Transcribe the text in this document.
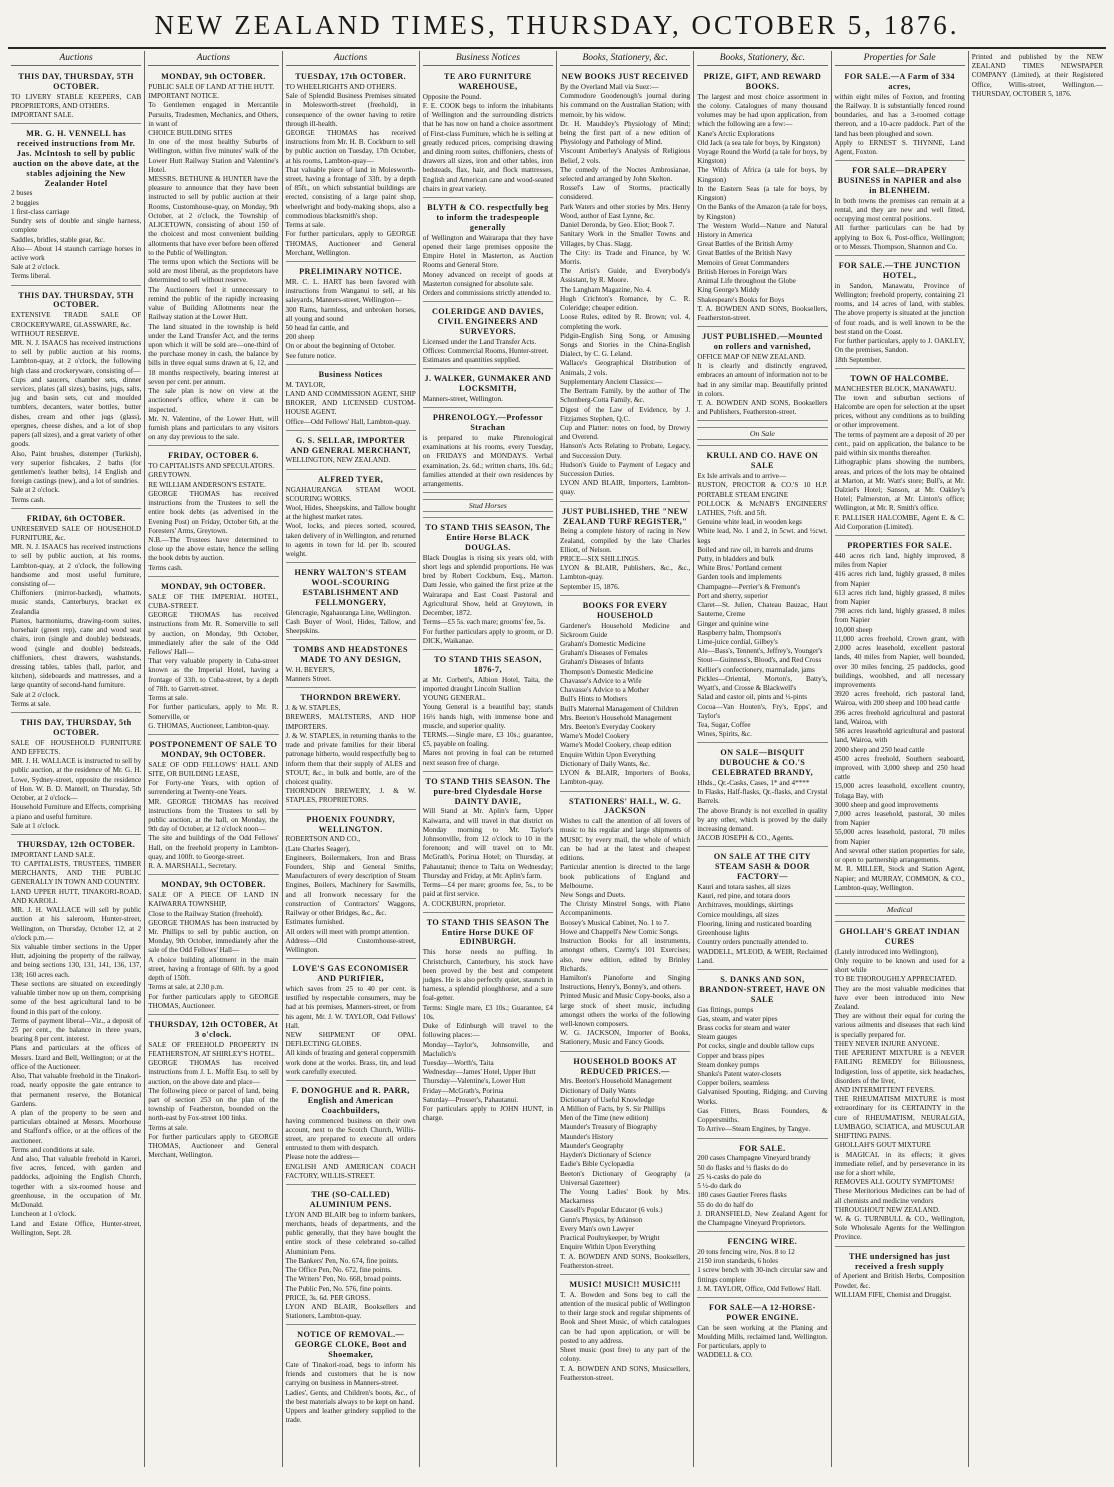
NEW ZEALAND TIMES, THURSDAY, OCTOBER 5, 1876.
Auctions
THIS DAY, THURSDAY, 5TH OCTOBER.

TO LIVERY STABLE KEEPERS, CAB PROPRIETORS, AND OTHERS.

IMPORTANT SALE.

MR. G. H. VENNELL has received instructions from Mr. Jas. McIntosh to sell by public auction on the above date, at the stables adjoining the New Zealander Hotel

2 buses

2 buggies

1 first-class carriage

Sundry sets of double and single harness, complete

Saddles, bridles, stable gear, &c.

Also— About 14 staunch carriage horses in active work

Sale at 2 o'clock.

Terms liberal.

THIS DAY. THURSDAY, 5TH OCTOBER.

EXTENSIVE TRADE SALE OF CROCKERYWARE, GLASSWARE, &c.

WITHOUT RESERVE.

MR. N. J. ISAACS has received instructions to sell by public auction at his rooms, Lambton-quay, at 2 o'clock, the following high class and crockeryware, consisting of—

Cups and saucers, chamber sets, dinner services, plates (all sizes), basins, jugs, salts, jug and basin sets, cut and moulded tumblers, decanters, water bottles, butter dishes, cream and other jugs (glass), epergnes, cheese dishes, and a lot of shop papers (all sizes), and a great variety of other goods.

Also, Paint brushes, distemper (Turkish), very superior fishcakes, 2 baths (for gentlemen's leather belts), 14 English and foreign castings (new), and a lot of sundries.

Sale at 2 o'clock.

Terms cash.

FRIDAY, 6th OCTOBER.

UNRESERVED SALE OF HOUSEHOLD FURNITURE, &c.

MR. N. J. ISAACS has received instructions to sell by public auction, at his rooms, Lambton-quay, at 2 o'clock, the following handsome and most useful furniture, consisting of—

Chiffoniers (mirror-backed), whatnots, music stands, Canterburys, bracket ex Zealandia

Pianos, harmoniums, drawing-room suites, horsehair (green rep), cane and wood seat chairs, iron (single and double) bedsteads, wood (single and double) bedsteads, chiffoniers, chest drawers, washstands, dressing tables, tables (hall, parlor, and kitchen), sideboards and mattresses, and a large quantity of second-hand furniture.

Sale at 2 o'clock.

Terms at sale.

THIS DAY, THURSDAY, 5th OCTOBER.

SALE OF HOUSEHOLD FURNITURE AND EFFECTS.

MR. J. H. WALLACE is instructed to sell by public auction, at the residence of Mr. G. H. Lowe, Sydney-street, opposite the residence of Hon. W. B. D. Mantell, on Thursday, 5th October, at 2 o'clock—

Household Furniture and Effects, comprising a piano and useful furniture.

Sale at 1 o'clock.

THURSDAY, 12th OCTOBER.

IMPORTANT LAND SALE.

TO CAPITALISTS, TRUSTEES, TIMBER MERCHANTS, AND THE PUBLIC GENERALLY IN TOWN AND COUNTRY.

LAND UPPER HUTT, TINAKORI-ROAD, AND KAROLI.

MR. J. H. WALLACE will sell by public auction at his saleroom, Hunter-street, Wellington, on Thursday, October 12, at 2 o'clock p.m.—

Six valuable timber sections in the Upper Hutt, adjoining the property of the railway, and being sections 130, 131, 141, 136, 137, 138; 160 acres each.

These sections are situated on exceedingly valuable timber now up on them, comprising some of the best agricultural land to be found in this part of the colony.

Terms of payment liberal—Viz., a deposit of 25 per cent., the balance in three years, bearing 8 per cent. interest.

Plans and particulars at the offices of Messrs. Izard and Bell, Wellington; or at the office of the Auctioneer.

Also, That valuable freehold in the Tinakori-road, nearly opposite the gate entrance to that permanent reserve, the Botanical Gardens.

A plan of the property to be seen and particulars obtained at Messrs. Moorhouse and Stafford's office, or at the offices of the auctioneer.

Terms and conditions at sale.

And also, That valuable freehold in Karori, five acres, fenced, with garden and paddocks, adjoining the English Church, together with a six-roomed house and greenhouse, in the occupation of Mr. McDonald.

Luncheon at 1 o'clock.

Land and Estate Office, Hunter-street, Wellington, Sept. 28.

Auctions
MONDAY, 9th OCTOBER.

PUBLIC SALE OF LAND AT THE HUTT.

IMPORTANT NOTICE.

To Gentlemen engaged in Mercantile Pursuits, Tradesmen, Mechanics, and Others, in want of

CHOICE BUILDING SITES

In one of the most healthy Suburbs of Wellington, within five minutes' walk of the Lower Hutt Railway Station and Valentine's Hotel.

MESSRS. BETHUNE & HUNTER have the pleasure to announce that they have been instructed to sell by public auction at their Rooms, Customhouse-quay, on Monday, 9th October, at 2 o'clock, the Township of ALICETOWN, consisting of about 150 of the choicest and most convenient building allotments that have ever before been offered to the Public of Wellington.

The terms upon which the Sections will be sold are most liberal, as the proprietors have determined to sell without reserve.

The Auctioneers feel it unnecessary to remind the public of the rapidly increasing value of Building Allotments near the Railway station at the Lower Hutt.

The land situated in the township is held under the Land Transfer Act, and the terms upon which it will be sold are—one-third of the purchase money in cash, the balance by bills in three equal sums drawn at 6, 12, and 18 months respectively, bearing interest at seven per cent. per annum.

The sale plan is now on view at the auctioneer's office, where it can be inspected.

Mr. N. Valentine, of the Lower Hutt, will furnish plans and particulars to any visitors on any day previous to the sale.

FRIDAY, OCTOBER 6.

TO CAPITALISTS AND SPECULATORS.

GREYTOWN.

RE WILLIAM ANDERSON'S ESTATE.

GEORGE THOMAS has received instructions from the Trustees to sell the entire book debts (as advertised in the Evening Post) on Friday, October 6th, at the Foresters' Arms, Greytown.

N.B.—The Trustees have determined to close up the above estate, hence the selling the book debts by auction.

Terms cash.

MONDAY, 9th OCTOBER.

SALE OF THE IMPERIAL HOTEL, CUBA-STREET.

GEORGE THOMAS has received instructions from Mr. R. Somerville to sell by auction, on Monday, 9th October, immediately after the sale of the Odd Fellows' Hall—

That very valuable property in Cuba-street known as the Imperial Hotel, having a frontage of 33ft. to Cuba-street, by a depth of 78ft. to Garrett-street.

Terms at sale.

For further particulars, apply to Mr. R. Somerville, or

G. THOMAS, Auctioneer, Lambton-quay.

POSTPONEMENT OF SALE TO MONDAY, 9th OCTOBER.

SALE OF ODD FELLOWS' HALL AND SITE, OR BUILDING LEASE,

For Forty-one Years, with option of surrendering at Twenty-one Years.

MR. GEORGE THOMAS has received instructions from the Trustees to sell by public auction, at the hall, on Monday, the 9th day of October, at 12 o'clock noon—

The site and buildings of the Odd Fellows' Hall, on the freehold property in Lambton-quay, and 100ft. to George-street.

R. A. MARSHALL, Secretary.

MONDAY, 9th OCTOBER.

SALE OF A PIECE OF LAND IN KAIWARRA TOWNSHIP,

Close to the Railway Station (freehold).

GEORGE THOMAS has been instructed by Mr. Phillips to sell by public auction, on Monday, 9th October, immediately after the sale of the Odd Fellows' Hall—

A choice building allotment in the main street, having a frontage of 60ft. by a good depth of 150ft.

Terms at sale, at 2.30 p.m.

For further particulars apply to GEORGE THOMAS, Auctioneer.

THURSDAY, 12th OCTOBER, At 3 o'clock.

SALE OF FREEHOLD PROPERTY IN FEATHERSTON, AT SHIRLEY'S HOTEL.

GEORGE THOMAS has received instructions from J. L. Moffit Esq. to sell by auction, on the above date and place—

The following piece or parcel of land, being part of section 253 on the plan of the township of Featherston, bounded on the north-east by Fox-street 100 links.

Terms at sale.

For further particulars apply to GEORGE THOMAS, Auctioneer and General Merchant, Wellington.

Auctions
TUESDAY, 17th OCTOBER.

TO WHEELRIGHTS AND OTHERS.

Sale of Splendid Business Premises situated in Molesworth-street (freehold), in consequence of the owner having to retire through ill-health.

GEORGE THOMAS has received instructions from Mr. H. B. Cockburn to sell by public auction on Tuesday, 17th October, at his rooms, Lambton-quay—

That valuable piece of land in Molesworth-street, having a frontage of 33ft. by a depth of 85ft., on which substantial buildings are erected, consisting of a large paint shop, wheelwright and body-making shops, also a commodious blacksmith's shop.

Terms at sale.

For further particulars, apply to GEORGE THOMAS, Auctioneer and General Merchant, Wellington.

PRELIMINARY NOTICE.

MR. C. L. HART has been favored with instructions from Wanganui to sell, at his saleyards, Manners-street, Wellington—

300 Rams, harmless, and unbroken horses, all young and sound

50 head fat cattle, and

200 sheep

On or about the beginning of October.

See future notice.

Business Notices

M. TAYLOR,

LAND AND COMMISSION AGENT, SHIP BROKER, AND LICENSED CUSTOM-HOUSE AGENT.

Office—Odd Fellows' Hall, Lambton-quay.

G. S. SELLAR, IMPORTER AND GENERAL MERCHANT,

WELLINGTON, NEW ZEALAND.

ALFRED TYER,

NGAHAURANGA STEAM WOOL SCOURING WORKS.

Wool, Hides, Sheepskins, and Tallow bought at the highest market rates.

Wool, locks, and pieces sorted, scoured, taken delivery of in Wellington, and returned to agents in town for ld. per lb. scoured weight.

HENRY WALTON'S STEAM WOOL-SCOURING ESTABLISHMENT AND FELLMONGERY,

Glencragie, Ngahauranga Line, Wellington.

Cash Buyer of Wool, Hides, Tallow, and Sheepskins.

TOMBS AND HEADSTONES MADE TO ANY DESIGN,

W. H. BEYER'S,

Manners Street.

THORNDON BREWERY.

J. & W. STAPLES,

BREWERS, MALTSTERS, AND HOP IMPORTERS.

J. & W. STAPLES, in returning thanks to the trade and private families for their liberal patronage hitherto, would respectfully beg to inform them that their supply of ALES and STOUT, &c., in bulk and bottle, are of the choicest quality.

THORNDON BREWERY, J. & W. STAPLES, PROPRIETORS.

PHOENIX FOUNDRY, WELLINGTON.

ROBERTSON AND CO.,

(Late Charles Seager),

Engineers, Boilermakers, Iron and Brass Founders, Ship and General Smiths, Manufacturers of every description of Steam Engines, Boilers, Machinery for Sawmills, and all Ironwork necessary for the construction of Contractors' Waggons, Railway or other Bridges, &c., &c.

Estimates furnished.

All orders will meet with prompt attention.

Address—Old Customhouse-street, Wellington.

LOVE'S GAS ECONOMISER AND PURIFIER,

which saves from 25 to 40 per cent. is testified by respectable consumers, may be had at his premises, Manners-street, or from his agent, Mr. J. W. TAYLOR, Odd Fellows' Hall.

NEW SHIPMENT OF OPAL DEFLECTING GLOBES.

All kinds of brazing and general coppersmith work done at the works. Brass, tin, and lead work carefully executed.

F. DONOGHUE and R. PARR, English and American Coachbuilders,

having commenced business on their own account, next to the Scotch Church, Willis-street, are prepared to execute all orders entrusted to them with despatch.

Please note the address—

ENGLISH AND AMERICAN COACH FACTORY, WILLIS-STREET.

THE (SO-CALLED) ALUMINIUM PENS.

LYON AND BLAIR beg to inform bankers, merchants, heads of departments, and the public generally, that they have bought the entire stock of these celebrated so-called Aluminium Pens.

The Bankers' Pen, No. 674, fine points.

The Office Pen, No. 672, fine points.

The Writers' Pen, No. 668, broad points.

The Public Pen, No. 576, fine points.

PRICE, 3s. 6d. PER GROSS.

LYON AND BLAIR, Booksellers and Stationers, Lambton-quay.

NOTICE OF REMOVAL.—GEORGE CLOKE, Boot and Shoemaker,

Cate of Tinakori-road, begs to inform his friends and customers that he is now carrying on business in Manners-street.

Ladies', Gents, and Children's boots, &c., of the best materials always to be kept on hand.

Uppers and leather grindery supplied to the trade.

Business Notices
TE ARO FURNITURE WAREHOUSE,

Opposite the Pound.

F. E. COOK begs to inform the inhabitants of Wellington and the surrounding districts that he has now on hand a choice assortment of First-class Furniture, which he is selling at greatly reduced prices, comprising drawing and dining room suites, chiffoniers, chests of drawers all sizes, iron and other tables, iron bedsteads, flax, hair, and flock mattresses, English and American cane and wood-seated chairs in great variety.

BLYTH & CO. respectfully beg to inform the tradespeople generally

of Wellington and Wairarapa that they have opened their large premises opposite the Empire Hotel in Masterton, as Auction Rooms and General Store.

Money advanced on receipt of goods at Masterton consigned for absolute sale.

Orders and commissions strictly attended to.

COLERIDGE AND DAVIES, CIVIL ENGINEERS AND SURVEYORS.

Licensed under the Land Transfer Acts.

Offices: Commercial Rooms, Hunter-street.

Estimates and quantities supplied.

J. WALKER, GUNMAKER AND LOCKSMITH,

Manners-street, Wellington.

PHRENOLOGY.—Professor Strachan

is prepared to make Phrenological examinations at his rooms, every Tuesday, on FRIDAYS and MONDAYS. Verbal examination, 2s. 6d.; written charts, 10s. 6d.; families attended at their own residences by arrangements.

Stud Horses
TO STAND THIS SEASON, The Entire Horse BLACK DOUGLAS.

Black Douglas is rising six years old, with short legs and splendid proportions. He was bred by Robert Cockburn, Esq., Marton. Dam Jessie, who gained the first prize at the Wairarapa and East Coast Pastoral and Agricultural Show, held at Greytown, in December, 1872.

Terms—£5 5s. each mare; grooms' fee, 5s.

For further particulars apply to groom, or D. DICK, Waikanae.

TO STAND THIS SEASON, 1876-7,

at Mr. Corbett's, Albion Hotel, Taita, the imported draught Lincoln Stallion

YOUNG GENERAL.

Young General is a beautiful bay; stands 16½ hands high, with immense bone and muscle, and superior quality.

TERMS.—Single mare, £3 10s.; guarantee, £5, payable on foaling.

Mares not proving in foal can be returned next season free of charge.

TO STAND THIS SEASON. The pure-bred Clydesdale Horse DAINTY DAVIE,

Will Stand at Mr. Aplin's farm, Upper Kaiwarra, and will travel in that district on Monday morning to Mr. Taylor's Johnsonville, from 12 o'clock to 10 in the forenoon; and will travel on to Mr. McGrath's, Porirua Hotel; on Thursday, at Pahautanui; thence to Taita on Wednesday; Thursday and Friday, at Mr. Aplin's farm.

Terms—£4 per mare; grooms fee, 5s., to be paid at first service.

A. COCKBURN, proprietor.

TO STAND THIS SEASON The Entire Horse DUKE OF EDINBURGH.

This horse needs no puffing. In Christchurch, Canterbury, his stock have been proved by the best and competent judges. He is also perfectly quiet, staunch in harness, a splendid ploughhorse, and a sure foal-getter.

Terms: Single mare, £3 10s.; Guarantee, £4 10s.

Duke of Edinburgh will travel to the following places:—

Monday—Taylor's, Johnsonville, and Maclulich's

Tuesday—Worth's, Taita

Wednesday—James' Hotel, Upper Hutt

Thursday—Valentine's, Lower Hutt

Friday—McGrath's, Porirua

Saturday—Prosser's, Pahautanui.

For particulars apply to JOHN HUNT, in charge.

Books, Stationery, &c.
NEW BOOKS JUST RECEIVED

By the Overland Mail via Suez:—

Commodore Goodenough's journal during his command on the Australian Station; with memoir, by his widow.

Dr. H. Maudsley's Physiology of Mind; being the first part of a new edition of Physiology and Pathology of Mind.

Viscount Amberley's Analysis of Religious Belief, 2 vols.

The comedy of the Noctes Ambrosianae, selected and arranged by John Skelton.

Rossel's Law of Storms, practically considered.

Park Waters and other stories by Mrs. Henry Wood, author of East Lynne, &c.

Daniel Deronda, by Geo. Eliot; Book 7.

Sanitary Work in the Smaller Towns and Villages, by Chas. Slagg.

The City: its Trade and Finance, by W. Morris.

The Artist's Guide, and Everybody's Assistant, by R. Moore.

The Langham Magazine, No. 4.

Hugh Crichton's Romance, by C. R. Coleridge; cheaper edition.

Loose Rules, edited by R. Brown; vol. 4, completing the work.

Pidgin-English Sing Song, or Amusing Songs and Stories in the China-English Dialect, by C. G. Leland.

Wallace's Geographical Distribution of Animals, 2 vols.

Supplementary Ancient Classics:—

The Bertram Family, by the author of The Schonberg-Cotta Family, &c.

Digest of the Law of Evidence, by J. Fitzjames Stephen, Q.C.

Cup and Platter: notes on food, by Drewry and Overend.

Hanson's Acts Relating to Probate, Legacy, and Succession Duty.

Hudson's Guide to Payment of Legacy and Succession Duties.

LYON AND BLAIR, Importers, Lambton-quay.

JUST PUBLISHED, THE "NEW ZEALAND TURF REGISTER,"

Being a complete history of racing in New Zealand, compiled by the late Charles Elliott, of Nelson.

PRICE—SIX SHILLINGS.

LYON & BLAIR, Publishers, &c., &c., Lambton-quay.

September 15, 1876.

BOOKS FOR EVERY HOUSEHOLD

Gardener's Household Medicine and Sickroom Guide

Graham's Domestic Medicine

Graham's Diseases of Females

Graham's Diseases of Infants

Thompson's Domestic Medicine

Chavasse's Advice to a Wife

Chavasse's Advice to a Mother

Bull's Hints to Mothers

Bull's Maternal Management of Children

Mrs. Beeton's Household Management

Mrs. Beeton's Everyday Cookery

Warne's Model Cookery

Warne's Model Cookery, cheap edition

Enquire Within Upon Everything

Dictionary of Daily Wants, &c.

LYON & BLAIR, Importers of Books, Lambton-quay.

STATIONERS' HALL, W. G. JACKSON

Wishes to call the attention of all lovers of music to his regular and large shipments of MUSIC by every mail, the whole of which can be had at the latest and cheapest editions.

Particular attention is directed to the large book publications of England and Melbourne.

New Songs and Duets.

The Christy Minstrel Songs, with Piano Accompaniments.

Boosey's Musical Cabinet, No. 1 to 7.

Howe and Chappell's New Comic Songs.

Instruction Books for all instruments, amongst others, Czerny's 101 Exercises; also, new edition, edited by Brinley Richards.

Hamilton's Pianoforte and Singing Instructions, Henry's, Bonny's, and others.

Printed Music and Music Copy-books, also a large stock of sheet music, including amongst others the works of the following well-known composers.

W. G. JACKSON, Importer of Books, Stationery, Music and Fancy Goods.

HOUSEHOLD BOOKS AT REDUCED PRICES.—

Mrs. Beeton's Household Management

Dictionary of Daily Wants

Dictionary of Useful Knowledge

A Million of Facts, by S. Sir Phillips

Men of the Time (new edition)

Maunder's Treasury of Biography

Maunder's History

Maunder's Geography

Hayden's Dictionary of Science

Eadie's Bible Cyclopædia

Beeton's Dictionary of Geography (a Universal Gazetteer)

The Young Ladies' Book by Mrs. Mackarness

Cassell's Popular Educator (6 vols.)

Gunn's Physics, by Atkinson

Every Man's own Lawyer

Practical Poultrykeeper, by Wright

Enquire Within Upon Everything

T. A. BOWDEN AND SONS, Booksellers, Featherston-street.

MUSIC! MUSIC!! MUSIC!!!

T. A. Bowden and Sons beg to call the attention of the musical public of Wellington to their large stock and regular shipments of Book and Sheet Music, of which catalogues can be had upon application, or will be posted to any address.

Sheet music (post free) to any part of the colony.

T. A. BOWDEN AND SONS, Musicsellers, Featherston-street.

Books, Stationery, &c.
PRIZE, GIFT, AND REWARD BOOKS.

The largest and most choice assortment in the colony. Catalogues of many thousand volumes may be had upon application, from which the following are a few:—

Kane's Arctic Explorations

Old Jack (a sea tale for boys, by Kingston)

Voyage Round the World (a tale for boys, by Kingston)

The Wilds of Africa (a tale for boys, by Kingston)

In the Eastern Seas (a tale for boys, by Kingston)

On the Banks of the Amazon (a tale for boys, by Kingston)

The Western World—Nature and Natural History in America

Great Battles of the British Army

Great Battles of the British Navy

Memoirs of Great Commanders

British Heroes in Foreign Wars

Animal Life throughout the Globe

King George's Middy

Shakespeare's Books for Boys

T. A. BOWDEN AND SONS, Booksellers, Featherston-street.

JUST PUBLISHED.—Mounted on rollers and varnished,

OFFICE MAP OF NEW ZEALAND.

It is clearly and distinctly engraved, embraces an amount of information not to be had in any similar map. Beautifully printed in colors.

T. A. BOWDEN AND SONS, Booksellers and Publishers, Featherston-street.

On Sale
KRULL AND CO. HAVE ON SALE

Ex Isle arrivals and to arrive—

RUSTON, PROCTOR & CO.'S 10 H.P. PORTABLE STEAM ENGINE

POLLOCK & McNAB'S ENGINEERS' LATHES, 7½ft. and 5ft.

Genuine white lead, in wooden kegs

White lead, No. 1 and 2, in 5cwt. and ½cwt. kegs

Boiled and raw oil, in barrels and drums

Putty, in bladders and bulk

White Bros.' Portland cement

Garden tools and implements

Champagne—Perrier's & Fremont's

Port and sherry, superior

Claret—St. Julien, Chateau Bauzac, Haut Sauterne, Creme

Ginger and quinine wine

Raspberry balm, Thompson's

Lime-juice cordial, Gilbey's

Ale—Bass's, Tennent's, Jeffrey's, Younger's

Stout—Guinness's, Blood's, and Red Cross

Kellier's confectionery, marmalade, jams

Pickles—Oriental, Morton's, Batty's, Wyatt's, and Crosse & Blackwell's

Salad and castor oil, pints and ½-pints

Cocoa—Van Houten's, Fry's, Epps', and Taylor's

Tea, Sugar, Coffee

Wines, Spirits, &c.

ON SALE—BISQUIT DUBOUCHE & CO.'S CELEBRATED BRANDY,

Hhds., Qr.-Casks, Cases, 1* and 4****

In Flasks, Half-flasks, Qr.-flasks, and Crystal Barrels.

The above Brandy is not excelled in quality by any other, which is proved by the daily increasing demand.

JACOB JOSEPH & CO., Agents.

ON SALE AT THE CITY STEAM SASH & DOOR FACTORY—

Kauri and totara sashes, all sizes

Kauri, red pine, and totara doors

Architraves, mouldings, skirtings

Cornice mouldings, all sizes

Flooring, lining and rusticated boarding

Greenhouse lights

Country orders punctually attended to.

WADDELL, M'LEOD, & WEIR, Reclaimed Land.

S. DANKS AND SON, BRANDON-STREET, HAVE ON SALE

Gas fittings, pumps

Gas, steam, and water pipes

Brass cocks for steam and water

Steam gauges

Pot cocks, single and double tallow cups

Copper and brass pipes

Steam donkey pumps

Shanks's Patent water-closets

Copper boilers, seamless

Galvanised Spouting, Ridging, and Curving Works.

Gas Fitters, Brass Founders, & Coppersmiths.

To Arrive—Steam Engines, by Tangye.

FOR SALE.

200 cases Champagne Vineyard brandy

50 do flasks and ½ flasks do do

25 ¼-casks do pale do

5 ½-do dark do

180 cases Gautier Freres flasks

55 do do do half do

J. DRANSFIELD, New Zealand Agent for the Champagne Vineyard Proprietors.

FENCING WIRE.

20 tons fencing wire, Nos. 8 to 12

2150 iron standards, 6 holes

1 screw bench with 30-inch circular saw and fittings complete

J. M. TAYLOR, Office, Odd Fellows' Hall.

FOR SALE—A 12-HORSE-POWER ENGINE.

Can be seen working at the Planing and Moulding Mills, reclaimed land, Wellington. For particulars, apply to

WADDELL & CO.

Properties for Sale
FOR SALE.—A Farm of 334 acres,

within eight miles of Foxton, and fronting the Railway. It is substantially fenced round boundaries, and has a 3-roomed cottage thereon, and a 10-acre paddock. Part of the land has been ploughed and sown.

Apply to ERNEST S. THYNNE, Land Agent, Foxton.

FOR SALE—DRAPERY BUSINESS in NAPIER and also in BLENHEIM.

In both towns the premises can remain at a rental, and they are new and well fitted, occupying most central positions.

All further particulars can be had by applying to Box 6, Post-office, Wellington; or to Messrs. Thompson, Shannon and Co.

FOR SALE.—THE JUNCTION HOTEL,

in Sandon, Manawatu, Province of Wellington; freehold property, containing 21 rooms, and 14 acres of land, with stables. The above property is situated at the junction of four roads, and is well known to be the best stand on the Coast.

For further particulars, apply to J. OAKLEY, On the premises, Sandon.

18th September.

TOWN OF HALCOMBE.

MANCHESTER BLOCK, MANAWATU.

The town and suburban sections of Halcombe are open for selection at the upset prices, without any conditions as to building or other improvement.

The terms of payment are a deposit of 20 per cent., paid on application, the balance to be paid within six months thereafter.

Lithographic plans showing the numbers, areas, and prices of the lots may be obtained at Marton, at Mr. Watt's store; Bull's, at Mr. Dalziel's Hotel; Sanson, at Mr. Oakley's Hotel; Palmerston, at Mr. Linton's office; Wellington, at Mr. R. Smith's office.

F. PALLISER HALCOMBE, Agent E. & C. Aid Corporation (Limited).

PROPERTIES FOR SALE.

440 acres rich land, highly improved, 8 miles from Napier

416 acres rich land, highly grassed, 8 miles from Napier

613 acres rich land, highly grassed, 8 miles from Napier

798 acres rich land, highly grassed, 8 miles from Napier

10,000 sheep

11,000 acres freehold, Crown grant, with 2,000 acres leasehold, excellent pastoral lands, 40 miles from Napier, well bounded, over 30 miles fencing, 25 paddocks, good buildings, woolshed, and all necessary improvements

3920 acres freehold, rich pastoral land, Wairoa, with 200 sheep and 100 head cattle

396 acres freehold agricultural and pastoral land, Wairoa, with

586 acres leasehold agricultural and pastoral land, Wairoa, with

2000 sheep and 250 head cattle

4500 acres freehold, Southern seaboard, improved, with 3,000 sheep and 250 head cattle

15,000 acres leasehold, excellent country, Tolaga Bay, with

3000 sheep and good improvements

7,000 acres leasehold, pastoral, 30 miles from Napier

55,000 acres leasehold, pastoral, 70 miles from Napier

And several other station properties for sale, or open to partnership arrangements.

M. R. MILLER, Stock and Station Agent, Napier; and MURRAY, COMMON, & CO., Lambton-quay, Wellington.

Medical
GHOLLAH'S GREAT INDIAN CURES

(Lately introduced into Wellington),

Only require to be known and used for a short while

TO BE THOROUGHLY APPRECIATED.

They are the most valuable medicines that have ever been introduced into New Zealand.

They are without their equal for curing the various ailments and diseases that each kind is specially prepared for.

THEY NEVER INJURE ANYONE.

THE APERIENT MIXTURE is a NEVER FAILING REMEDY for Biliousness, Indigestion, loss of appetite, sick headaches, disorders of the liver,

AND INTERMITTENT FEVERS.

THE RHEUMATISM MIXTURE is most extraordinary for its CERTAINTY in the cure of RHEUMATISM, NEURALGIA, LUMBAGO, SCIATICA, and MUSCULAR SHIFTING PAINS.

GHOLLAH'S GOUT MIXTURE

is MAGICAL in its effects; it gives immediate relief, and by perseverance in its use for a short while,

REMOVES ALL GOUTY SYMPTOMS!

These Meritorious Medicines can be had of all chemists and medicine vendors

THROUGHOUT NEW ZEALAND.

W. & G. TURNBULL & CO., Wellington, Sole Wholesale Agents for the Wellington Province.

THE undersigned has just received a fresh supply

of Aperient and British Herbs, Composition Powder, &c.

WILLIAM FIFE, Chemist and Druggist.

Printed and published by the NEW ZEALAND TIMES NEWSPAPER COMPANY (Limited), at their Registered Office, Willis-street, Wellington.—THURSDAY, OCTOBER 5, 1876.
